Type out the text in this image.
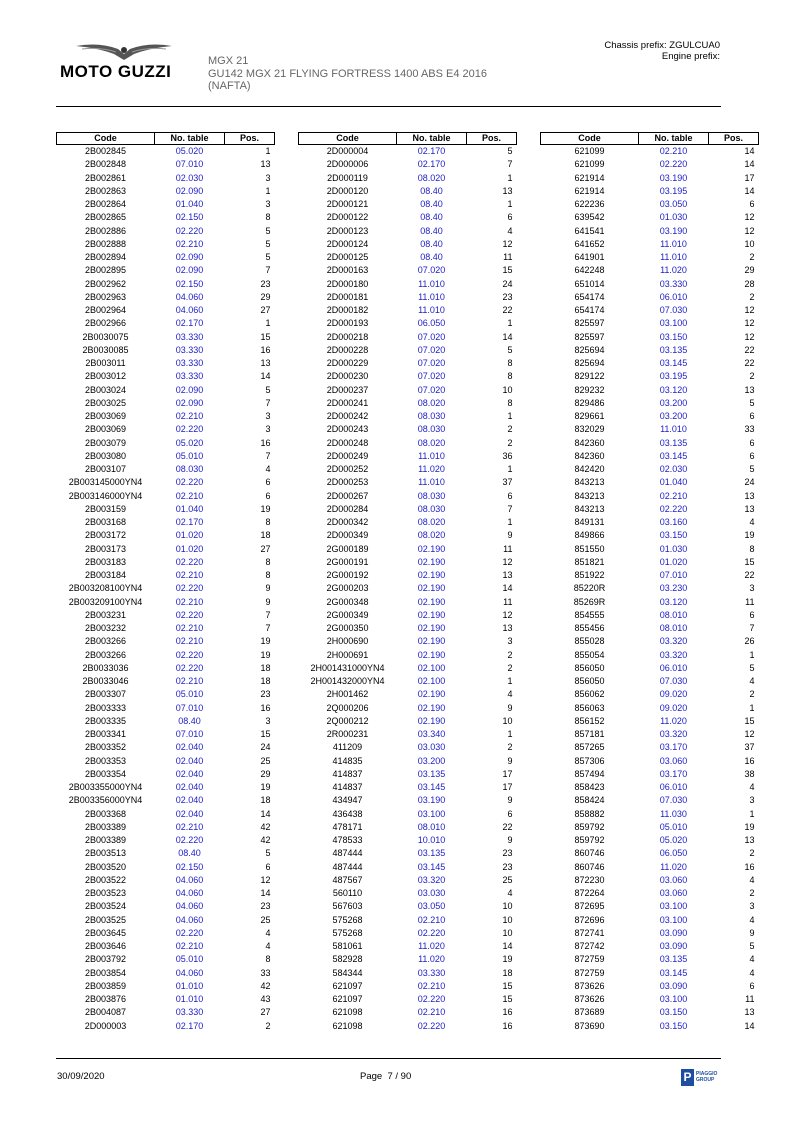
MOTO GUZZI
MGX 21
GU142 MGX 21 FLYING FORTRESS 1400 ABS E4 2016
(NAFTA)
Chassis prefix: ZGULCUA0
Engine prefix:
Code	No. table	Pos.
2B002845	05.020	1
2B002848	07.010	13
2B002861	02.030	3
2B002863	02.090	1
2B002864	01.040	3
2B002865	02.150	8
2B002886	02.220	5
2B002888	02.210	5
2B002894	02.090	5
2B002895	02.090	7
2B002962	02.150	23
2B002963	04.060	29
2B002964	04.060	27
2B002966	02.170	1
2B0030075	03.330	15
2B0030085	03.330	16
2B003011	03.330	13
2B003012	03.330	14
2B003024	02.090	5
2B003025	02.090	7
2B003069	02.210	3
2B003069	02.220	3
2B003079	05.020	16
2B003080	05.010	7
2B003107	08.030	4
2B003145000YN4	02.220	6
2B003146000YN4	02.210	6
2B003159	01.040	19
2B003168	02.170	8
2B003172	01.020	18
2B003173	01.020	27
2B003183	02.220	8
2B003184	02.210	8
2B003208100YN4	02.220	9
2B003209100YN4	02.210	9
2B003231	02.220	7
2B003232	02.210	7
2B003266	02.210	19
2B003266	02.220	19
2B0033036	02.220	18
2B0033046	02.210	18
2B003307	05.010	23
2B003333	07.010	16
2B003335	08.40	3
2B003341	07.010	15
2B003352	02.040	24
2B003353	02.040	25
2B003354	02.040	29
2B003355000YN4	02.040	19
2B003356000YN4	02.040	18
2B003368	02.040	14
2B003389	02.210	42
2B003389	02.220	42
2B003513	08.40	5
2B003520	02.150	6
2B003522	04.060	12
2B003523	04.060	14
2B003524	04.060	23
2B003525	04.060	25
2B003645	02.220	4
2B003646	02.210	4
2B003792	05.010	8
2B003854	04.060	33
2B003859	01.010	42
2B003876	01.010	43
2B004087	03.330	27
2D000003	02.170	2
Code	No. table	Pos.
2D000004	02.170	5
2D000006	02.170	7
2D000119	08.020	1
2D000120	08.40	13
2D000121	08.40	1
2D000122	08.40	6
2D000123	08.40	4
2D000124	08.40	12
2D000125	08.40	11
2D000163	07.020	15
2D000180	11.010	24
2D000181	11.010	23
2D000182	11.010	22
2D000193	06.050	1
2D000218	07.020	14
2D000228	07.020	5
2D000229	07.020	8
2D000230	07.020	8
2D000237	07.020	10
2D000241	08.020	8
2D000242	08.030	1
2D000243	08.030	2
2D000248	08.020	2
2D000249	11.010	36
2D000252	11.020	1
2D000253	11.010	37
2D000267	08.030	6
2D000284	08.030	7
2D000342	08.020	1
2D000349	08.020	9
2G000189	02.190	11
2G000191	02.190	12
2G000192	02.190	13
2G000203	02.190	14
2G000348	02.190	11
2G000349	02.190	12
2G000350	02.190	13
2H000690	02.190	3
2H000691	02.190	2
2H001431000YN4	02.100	2
2H001432000YN4	02.100	1
2H001462	02.190	4
2Q000206	02.190	9
2Q000212	02.190	10
2R000231	03.340	1
411209	03.030	2
414835	03.200	9
414837	03.135	17
414837	03.145	17
434947	03.190	9
436438	03.100	6
478171	08.010	22
478533	10.010	9
487444	03.135	23
487444	03.145	23
487567	03.320	25
560110	03.030	4
567603	03.050	10
575268	02.210	10
575268	02.220	10
581061	11.020	14
582928	11.020	19
584344	03.330	18
621097	02.210	15
621097	02.220	15
621098	02.210	16
621098	02.220	16
Code	No. table	Pos.
621099	02.210	14
621099	02.220	14
621914	03.190	17
621914	03.195	14
622236	03.050	6
639542	01.030	12
641541	03.190	12
641652	11.010	10
641901	11.010	2
642248	11.020	29
651014	03.330	28
654174	06.010	2
654174	07.030	12
825597	03.100	12
825597	03.150	12
825694	03.135	22
825694	03.145	22
829122	03.195	2
829232	03.120	13
829486	03.200	5
829661	03.200	6
832029	11.010	33
842360	03.135	6
842360	03.145	6
842420	02.030	5
843213	01.040	24
843213	02.210	13
843213	02.220	13
849131	03.160	4
849866	03.150	19
851550	01.030	8
851821	01.020	15
851922	07.010	22
85220R	03.230	3
85269R	03.120	11
854555	08.010	6
855456	08.010	7
855028	03.320	26
855054	03.320	1
856050	06.010	5
856050	07.030	4
856062	09.020	2
856063	09.020	1
856152	11.020	15
857181	03.320	12
857265	03.170	37
857306	03.060	16
857494	03.170	38
858423	06.010	4
858424	07.030	3
858882	11.030	1
859792	05.010	19
859792	05.020	13
860746	06.050	2
860746	11.020	16
872230	03.060	4
872264	03.060	2
872695	03.100	3
872696	03.100	4
872741	03.090	9
872742	03.090	5
872759	03.135	4
872759	03.145	4
873626	03.090	6
873626	03.100	11
873689	03.150	13
873690	03.150	14
30/09/2020	Page 7 / 90	P PIAGGIO
GROUP
